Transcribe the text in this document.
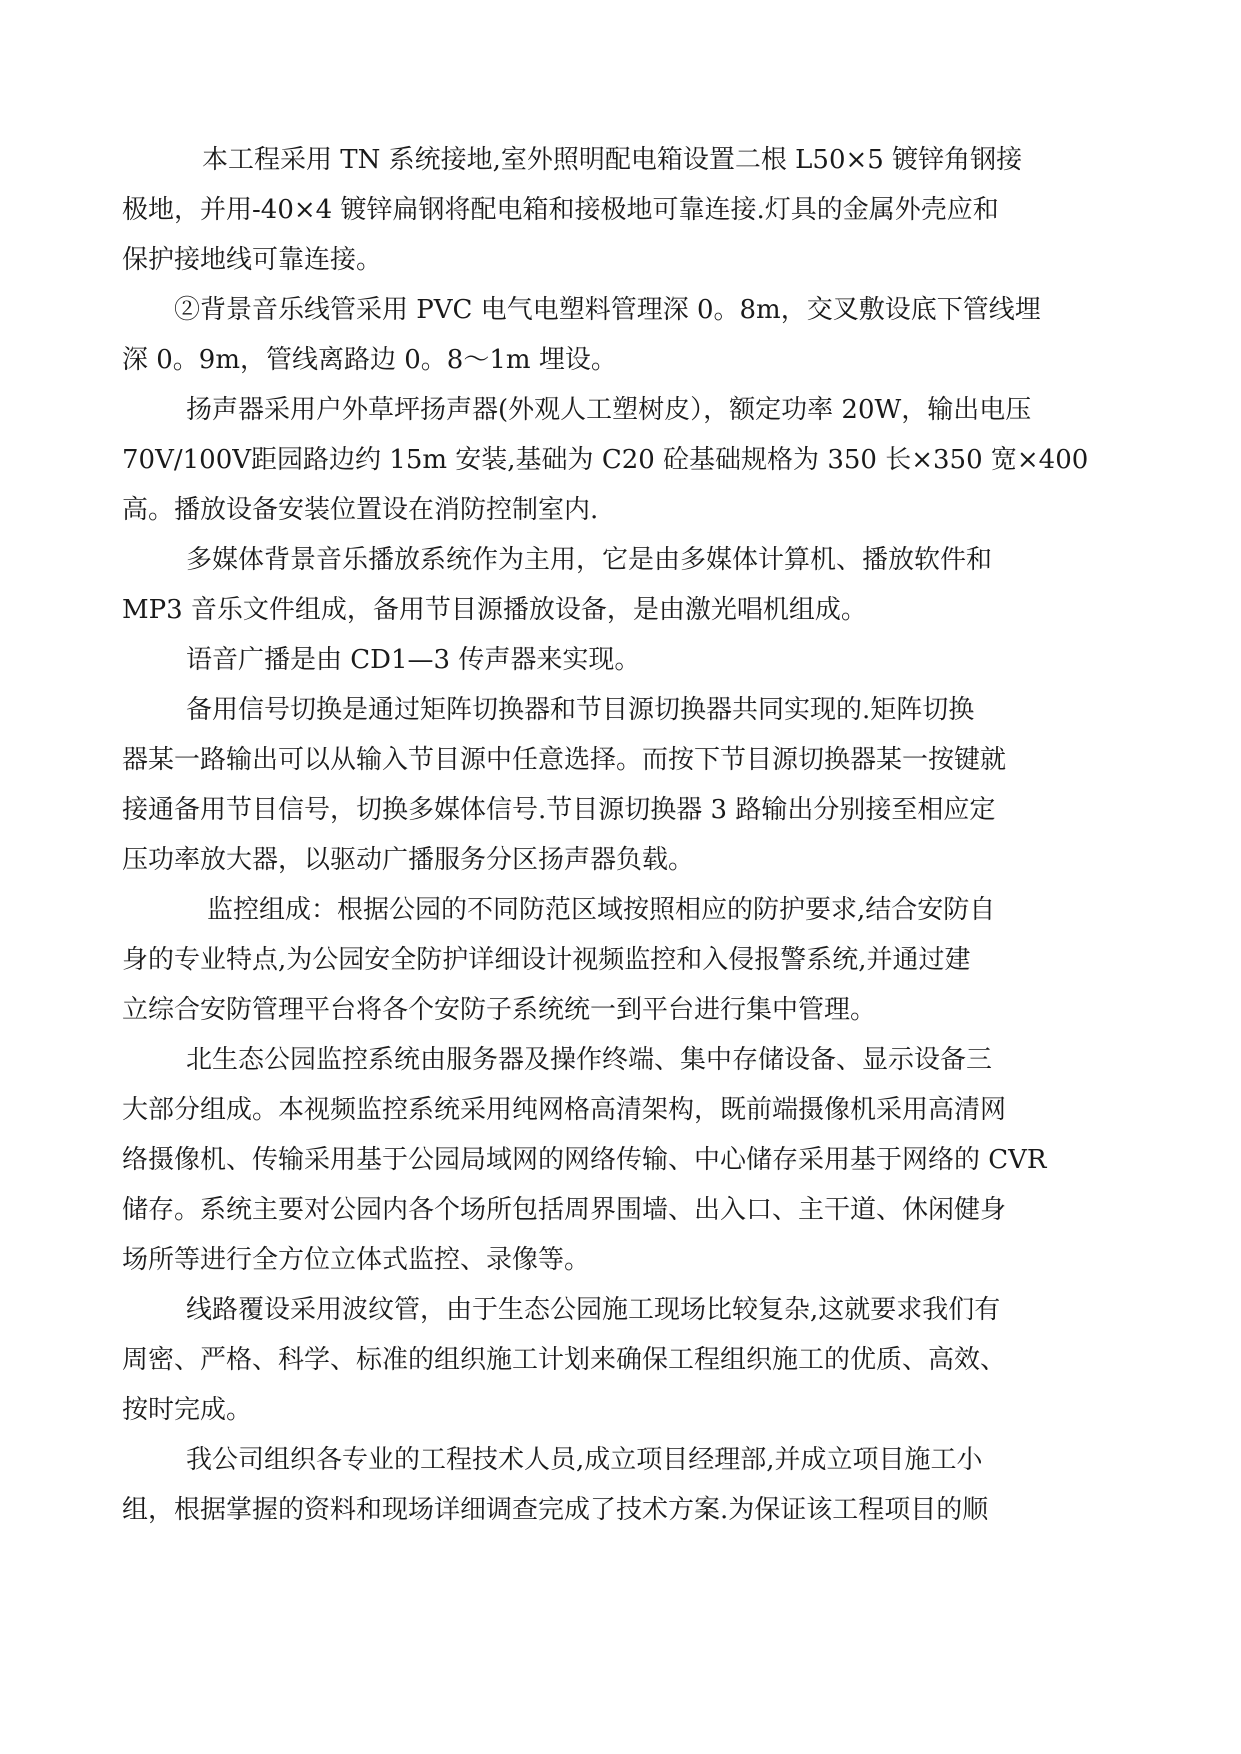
本工程采用 TN 系统接地,室外照明配电箱设置二根 L50×5 镀锌角钢接
极地，并用-40×4 镀锌扁钢将配电箱和接极地可靠连接.灯具的金属外壳应和
保护接地线可靠连接。
②背景音乐线管采用 PVC 电气电塑料管理深 0。8m，交叉敷设底下管线埋
深 0。9m，管线离路边 0。8～1m 埋设。
扬声器采用户外草坪扬声器(外观人工塑树皮），额定功率 20W，输出电压
70V/100V距园路边约 15m 安装,基础为 C20 砼基础规格为 350 长×350 宽×400
高。播放设备安装位置设在消防控制室内.
多媒体背景音乐播放系统作为主用，它是由多媒体计算机、播放软件和
MP3 音乐文件组成，备用节目源播放设备，是由激光唱机组成。
语音广播是由 CD1—3 传声器来实现。
备用信号切换是通过矩阵切换器和节目源切换器共同实现的.矩阵切换
器某一路输出可以从输入节目源中任意选择。而按下节目源切换器某一按键就
接通备用节目信号，切换多媒体信号.节目源切换器 3 路输出分别接至相应定
压功率放大器，以驱动广播服务分区扬声器负载。
监控组成：根据公园的不同防范区域按照相应的防护要求,结合安防自
身的专业特点,为公园安全防护详细设计视频监控和入侵报警系统,并通过建
立综合安防管理平台将各个安防子系统统一到平台进行集中管理。
北生态公园监控系统由服务器及操作终端、集中存储设备、显示设备三
大部分组成。本视频监控系统采用纯网格高清架构，既前端摄像机采用高清网
络摄像机、传输采用基于公园局域网的网络传输、中心储存采用基于网络的 CVR
储存。系统主要对公园内各个场所包括周界围墙、出入口、主干道、休闲健身
场所等进行全方位立体式监控、录像等。
线路覆设采用波纹管，由于生态公园施工现场比较复杂,这就要求我们有
周密、严格、科学、标准的组织施工计划来确保工程组织施工的优质、高效、
按时完成。
我公司组织各专业的工程技术人员,成立项目经理部,并成立项目施工小
组，根据掌握的资料和现场详细调查完成了技术方案.为保证该工程项目的顺
